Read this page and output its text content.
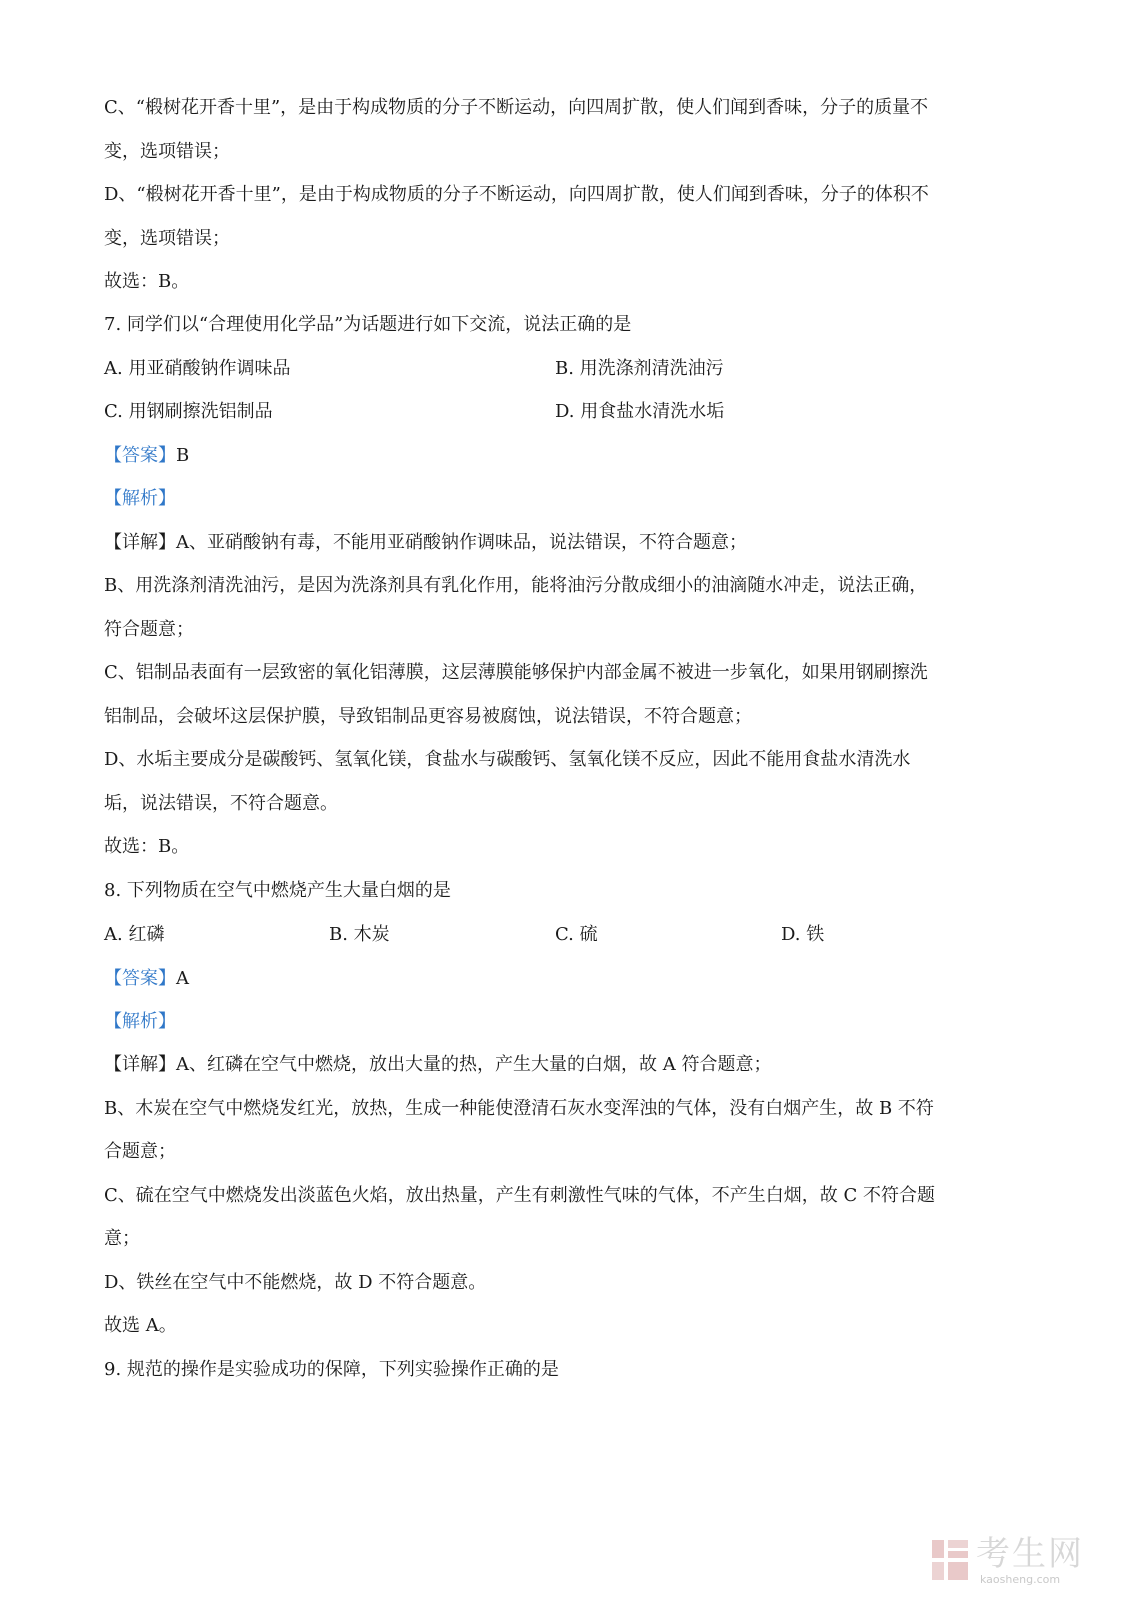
C、“椴树花开香十里”，是由于构成物质的分子不断运动，向四周扩散，使人们闻到香味，分子的质量不
变，选项错误；
D、“椴树花开香十里”，是由于构成物质的分子不断运动，向四周扩散，使人们闻到香味，分子的体积不
变，选项错误；
故选：B。
7. 同学们以“合理使用化学品”为话题进行如下交流，说法正确的是
A. 用亚硝酸钠作调味品	B. 用洗涤剂清洗油污
C. 用钢刷擦洗铝制品	D. 用食盐水清洗水垢
【答案】B
【解析】
【详解】A、亚硝酸钠有毒，不能用亚硝酸钠作调味品，说法错误，不符合题意；
B、用洗涤剂清洗油污，是因为洗涤剂具有乳化作用，能将油污分散成细小的油滴随水冲走，说法正确，
符合题意；
C、铝制品表面有一层致密的氧化铝薄膜，这层薄膜能够保护内部金属不被进一步氧化，如果用钢刷擦洗
铝制品，会破坏这层保护膜，导致铝制品更容易被腐蚀，说法错误，不符合题意；
D、水垢主要成分是碳酸钙、氢氧化镁，食盐水与碳酸钙、氢氧化镁不反应，因此不能用食盐水清洗水
垢，说法错误，不符合题意。
故选：B。
8. 下列物质在空气中燃烧产生大量白烟的是
A. 红磷	B. 木炭	C. 硫	D. 铁
【答案】A
【解析】
【详解】A、红磷在空气中燃烧，放出大量的热，产生大量的白烟，故 A 符合题意；
B、木炭在空气中燃烧发红光，放热，生成一种能使澄清石灰水变浑浊的气体，没有白烟产生，故 B 不符
合题意；
C、硫在空气中燃烧发出淡蓝色火焰，放出热量，产生有刺激性气味的气体，不产生白烟，故 C 不符合题
意；
D、铁丝在空气中不能燃烧，故 D 不符合题意。
故选 A。
9. 规范的操作是实验成功的保障，下列实验操作正确的是
考生网
kaosheng.com
